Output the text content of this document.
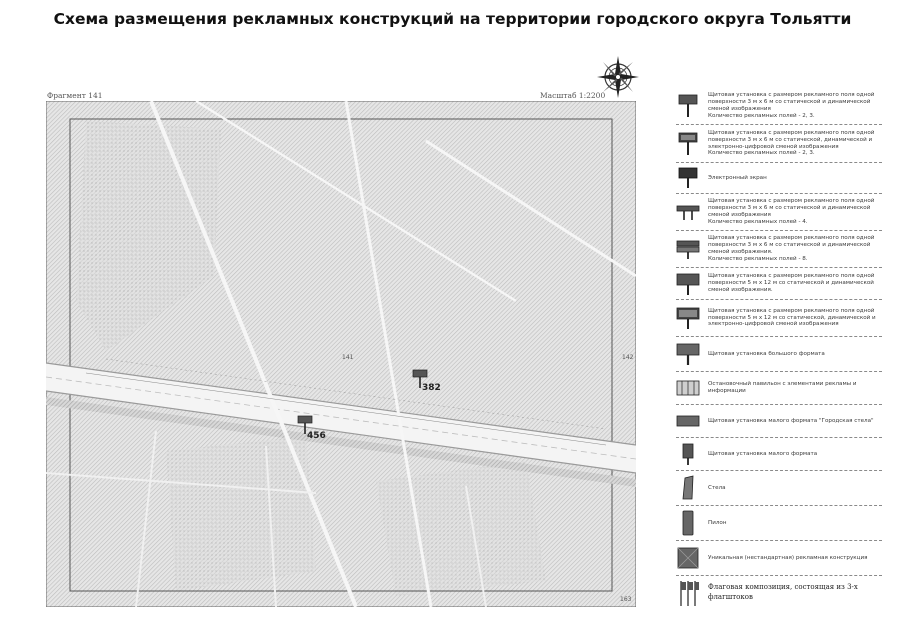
Схема размещения рекламных конструкций на территории городского округа Тольятти
Фрагмент 141	Масштаб 1:2200
141	142
163
382
456
Щитовая установка с размером рекламного поля одной поверхности 3 м х 6 м со статической и динамической сменой изображения
Количество рекламных полей - 2, 3.
Щитовая установка с размером рекламного поля одной поверхности 3 м х 6 м со статической, динамической и электронно-цифровой сменой изображения
Количество рекламных полей - 2, 3.
Электронный экран
Щитовая установка с размером рекламного поля одной поверхности 3 м х 6 м со статической и динамической сменой изображения
Количество рекламных полей - 4.
Щитовая установка с размером рекламного поля одной поверхности 3 м х 6 м со статической и динамической сменой изображения.
Количество рекламных полей - 8.
Щитовая установка с размером рекламного поля одной поверхности 5 м х 12 м со статической и динамической сменой изображения.
Щитовая установка с размером рекламного поля одной поверхности 5 м х 12 м со статической, динамической и электронно-цифровой сменой изображения
Щитовая установка большого формата
Остановочный павильон с элементами рекламы и информации
Щитовая установка малого формата "Городская стела"
Щитовая установка малого формата
Стела
Пилон
Уникальная (нестандартная) рекламная конструкция
Флаговая композиция, состоящая из 3-х флагштоков
